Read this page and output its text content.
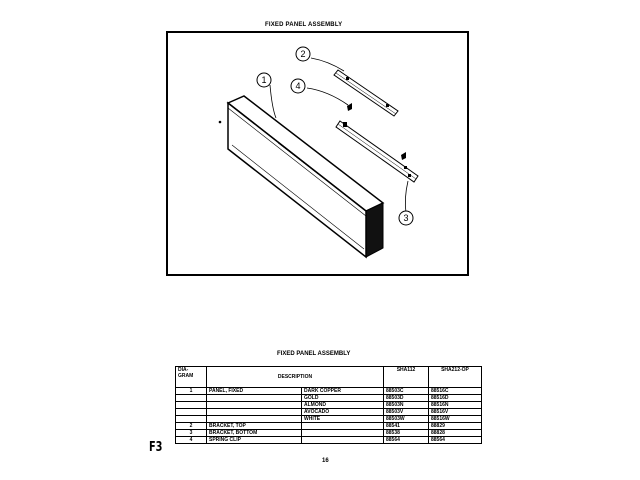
FIXED PANEL ASSEMBLY
1
2
3
4
FIXED PANEL ASSEMBLY
DIA-
GRAM	DESCRIPTION		SHA112	SHA212-OP
1	PANEL, FIXED	DARK COPPER	88503C	88516C
		GOLD	88503D	88516D
		ALMOND	88503N	88516N
		AVOCADO	88503V	88516V
		WHITE	88503W	88516W
2	BRACKET, TOP		88541	88829
3	BRACKET, BOTTOM		88538	88828
4	SPRING CLIP		88564	88564
16
F3
